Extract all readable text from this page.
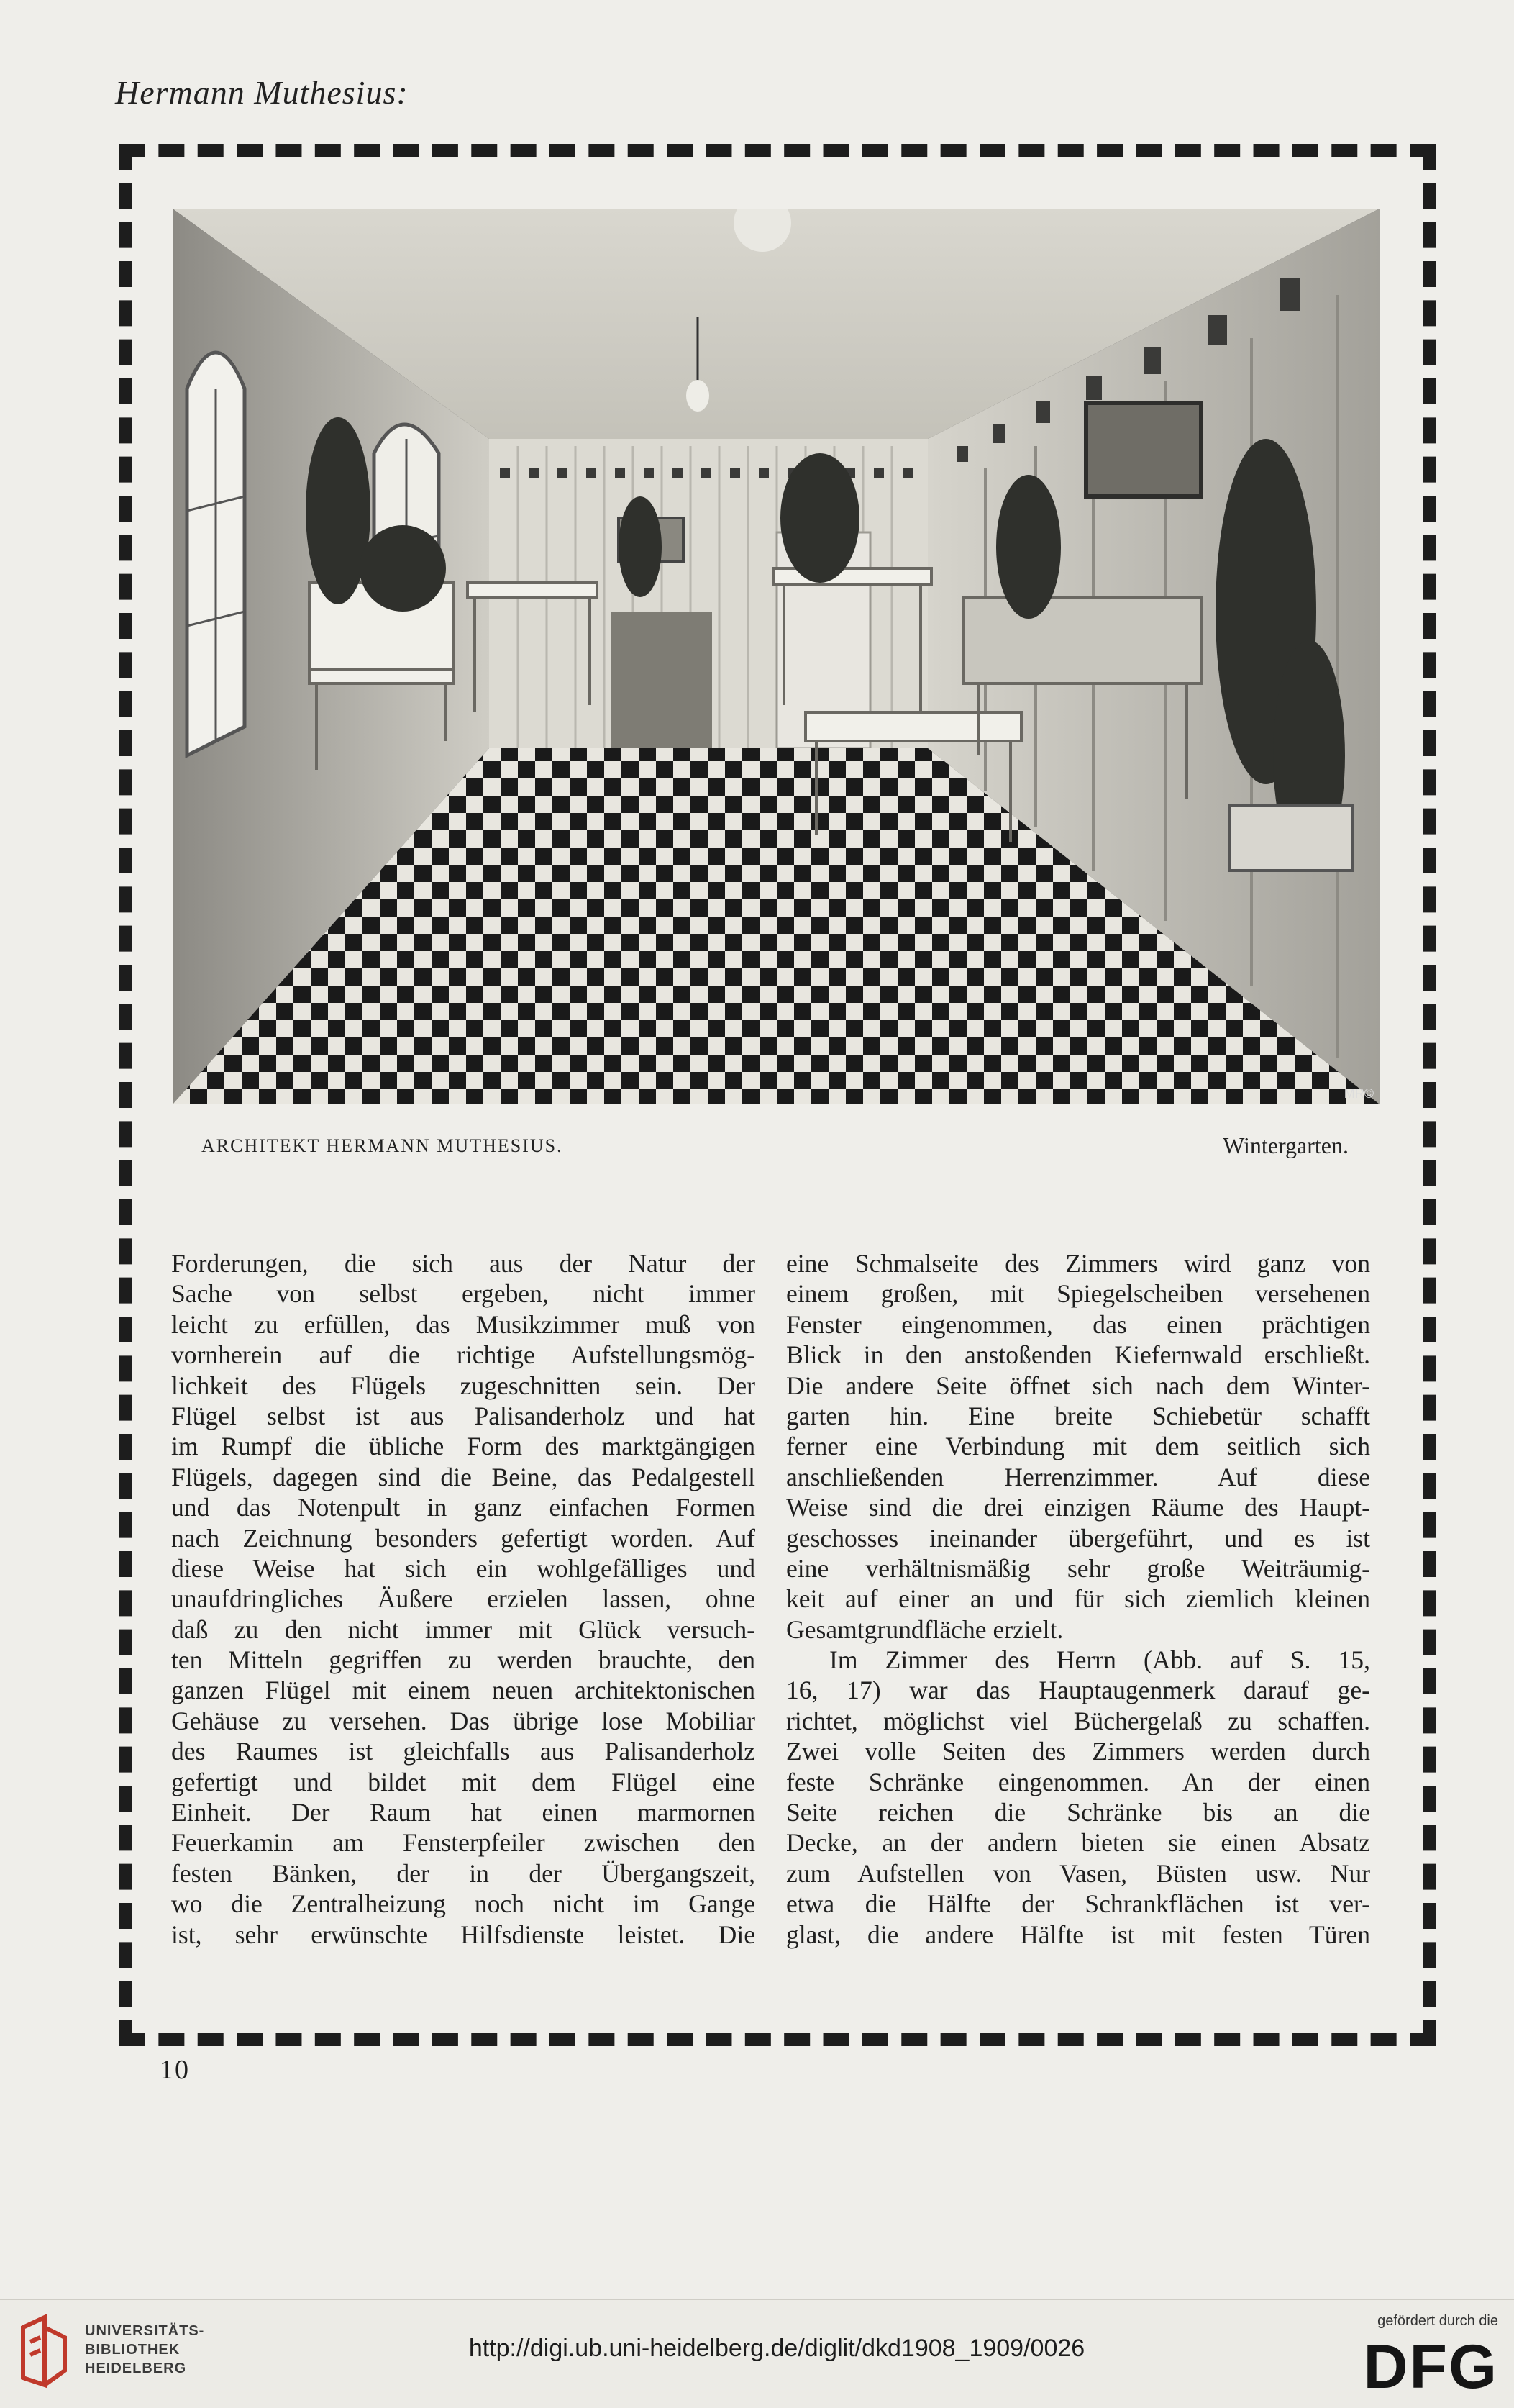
Hermann Muthesius:
MR©
ARCHITEKT HERMANN MUTHESIUS.	Wintergarten.
Forderungen, die sich aus der Natur der
Sache von selbst ergeben, nicht immer
leicht zu erfüllen, das Musikzimmer muß von
vornherein auf die richtige Aufstellungsmög-
lichkeit des Flügels zugeschnitten sein. Der
Flügel selbst ist aus Palisanderholz und hat
im Rumpf die übliche Form des marktgängigen
Flügels, dagegen sind die Beine, das Pedalgestell
und das Notenpult in ganz einfachen Formen
nach Zeichnung besonders gefertigt worden. Auf
diese Weise hat sich ein wohlgefälliges und
unaufdringliches Äußere erzielen lassen, ohne
daß zu den nicht immer mit Glück versuch-
ten Mitteln gegriffen zu werden brauchte, den
ganzen Flügel mit einem neuen architektonischen
Gehäuse zu versehen. Das übrige lose Mobiliar
des Raumes ist gleichfalls aus Palisanderholz
gefertigt und bildet mit dem Flügel eine
Einheit. Der Raum hat einen marmornen
Feuerkamin am Fensterpfeiler zwischen den
festen Bänken, der in der Übergangszeit,
wo die Zentralheizung noch nicht im Gange
ist, sehr erwünschte Hilfsdienste leistet. Die
eine Schmalseite des Zimmers wird ganz von
einem großen, mit Spiegelscheiben versehenen
Fenster eingenommen, das einen prächtigen
Blick in den anstoßenden Kiefernwald erschließt.
Die andere Seite öffnet sich nach dem Winter-
garten hin. Eine breite Schiebetür schafft
ferner eine Verbindung mit dem seitlich sich
anschließenden Herrenzimmer. Auf diese
Weise sind die drei einzigen Räume des Haupt-
geschosses ineinander übergeführt, und es ist
eine verhältnismäßig sehr große Weiträumig-
keit auf einer an und für sich ziemlich kleinen
Gesamtgrundfläche erzielt.
Im Zimmer des Herrn (Abb. auf S. 15,
16, 17) war das Hauptaugenmerk darauf ge-
richtet, möglichst viel Büchergelaß zu schaffen.
Zwei volle Seiten des Zimmers werden durch
feste Schränke eingenommen. An der einen
Seite reichen die Schränke bis an die
Decke, an der andern bieten sie einen Absatz
zum Aufstellen von Vasen, Büsten usw. Nur
etwa die Hälfte der Schrankflächen ist ver-
glast, die andere Hälfte ist mit festen Türen
10
UNIVERSITÄTS-
BIBLIOTHEK
HEIDELBERG
http://digi.ub.uni-heidelberg.de/diglit/dkd1908_1909/0026
gefördert durch die
DFG
